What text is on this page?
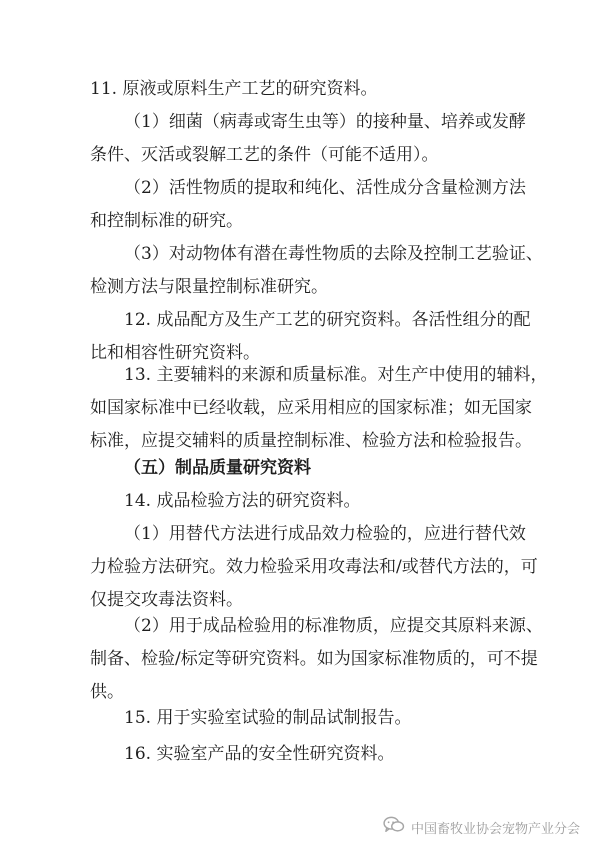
11. 原液或原料生产工艺的研究资料。

（1）细菌（病毒或寄生虫等）的接种量、培养或发酵
条件、灭活或裂解工艺的条件（可能不适用）。

（2）活性物质的提取和纯化、活性成分含量检测方法
和控制标准的研究。

（3）对动物体有潜在毒性物质的去除及控制工艺验证、
检测方法与限量控制标准研究。

12. 成品配方及生产工艺的研究资料。各活性组分的配
比和相容性研究资料。

13. 主要辅料的来源和质量标准。对生产中使用的辅料，
如国家标准中已经收载，应采用相应的国家标准；如无国家
标准，应提交辅料的质量控制标准、检验方法和检验报告。

（五）制品质量研究资料

14. 成品检验方法的研究资料。

（1）用替代方法进行成品效力检验的，应进行替代效
力检验方法研究。效力检验采用攻毒法和/或替代方法的，可
仅提交攻毒法资料。

（2）用于成品检验用的标准物质，应提交其原料来源、
制备、检验/标定等研究资料。如为国家标准物质的，可不提
供。

15. 用于实验室试验的制品试制报告。

16. 实验室产品的安全性研究资料。

中国畜牧业协会宠物产业分会
